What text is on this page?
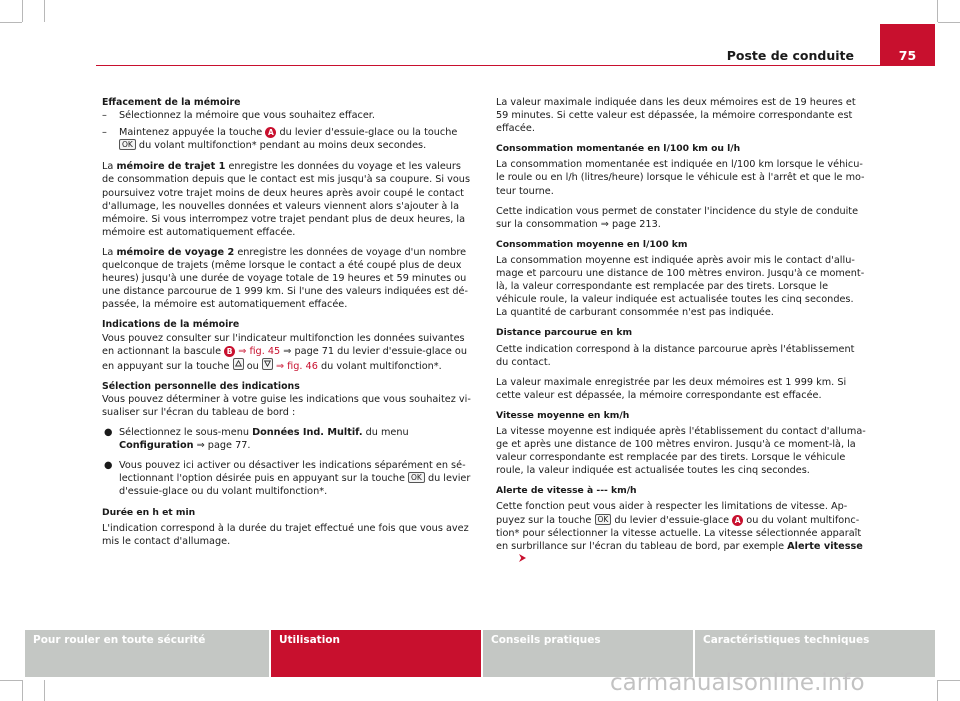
Poste de conduite	75
Effacement de la mémoire
– Sélectionnez la mémoire que vous souhaitez effacer.
– Maintenez appuyée la touche A du levier d'essuie-glace ou la touche OK du volant multifonction* pendant au moins deux secondes.

La mémoire de trajet 1 enregistre les données du voyage et les valeurs de consommation depuis que le contact est mis jusqu'à sa coupure. Si vous poursuivez votre trajet moins de deux heures après avoir coupé le contact d'allumage, les nouvelles données et valeurs viennent alors s'ajouter à la mémoire. Si vous interrompez votre trajet pendant plus de deux heures, la mémoire est automatiquement effacée.

La mémoire de voyage 2 enregistre les données de voyage d'un nombre quelconque de trajets (même lorsque le contact a été coupé plus de deux heures) jusqu'à une durée de voyage totale de 19 heures et 59 minutes ou une distance parcourue de 1 999 km. Si l'une des valeurs indiquées est dépassée, la mémoire est automatiquement effacée.

Indications de la mémoire

Vous pouvez consulter sur l'indicateur multifonction les données suivantes en actionnant la bascule B ⇒ fig. 45 ⇒ page 71 du levier d'essuie-glace ou en appuyant sur la touche ou ⇒ fig. 46 du volant multifonction*.

Sélection personnelle des indications

Vous pouvez déterminer à votre guise les indications que vous souhaitez visualiser sur l'écran du tableau de bord :

● Sélectionnez le sous-menu Données Ind. Multif. du menu Configuration ⇒ page 77.
● Vous pouvez ici activer ou désactiver les indications séparément en sélectionnant l'option désirée puis en appuyant sur la touche OK du levier d'essuie-glace ou du volant multifonction*.
Durée en h et min

L'indication correspond à la durée du trajet effectué une fois que vous avez mis le contact d'allumage.

La valeur maximale indiquée dans les deux mémoires est de 19 heures et 59 minutes. Si cette valeur est dépassée, la mémoire correspondante est effacée.

Consommation momentanée en l/100 km ou l/h

La consommation momentanée est indiquée en l/100 km lorsque le véhicule roule ou en l/h (litres/heure) lorsque le véhicule est à l'arrêt et que le moteur tourne.

Cette indication vous permet de constater l'incidence du style de conduite sur la consommation ⇒ page 213.

Consommation moyenne en l/100 km

La consommation moyenne est indiquée après avoir mis le contact d'allumage et parcouru une distance de 100 mètres environ. Jusqu'à ce moment-là, la valeur correspondante est remplacée par des tirets. Lorsque le véhicule roule, la valeur indiquée est actualisée toutes les cinq secondes. La quantité de carburant consommée n'est pas indiquée.

Distance parcourue en km

Cette indication correspond à la distance parcourue après l'établissement du contact.

La valeur maximale enregistrée par les deux mémoires est 1 999 km. Si cette valeur est dépassée, la mémoire correspondante est effacée.

Vitesse moyenne en km/h

La vitesse moyenne est indiquée après l'établissement du contact d'allumage et après une distance de 100 mètres environ. Jusqu'à ce moment-là, la valeur correspondante est remplacée par des tirets. Lorsque le véhicule roule, la valeur indiquée est actualisée toutes les cinq secondes.

Alerte de vitesse à --- km/h

Cette fonction peut vous aider à respecter les limitations de vitesse. Appuyez sur la touche OK du levier d'essuie-glace A ou du volant multifonction* pour sélectionner la vitesse actuelle. La vitesse sélectionnée apparaît en surbrillance sur l'écran du tableau de bord, par exemple Alerte vitesse

Pour rouler en toute sécurité	Utilisation	Conseils pratiques	Caractéristiques techniques
carmanualsonline.info
